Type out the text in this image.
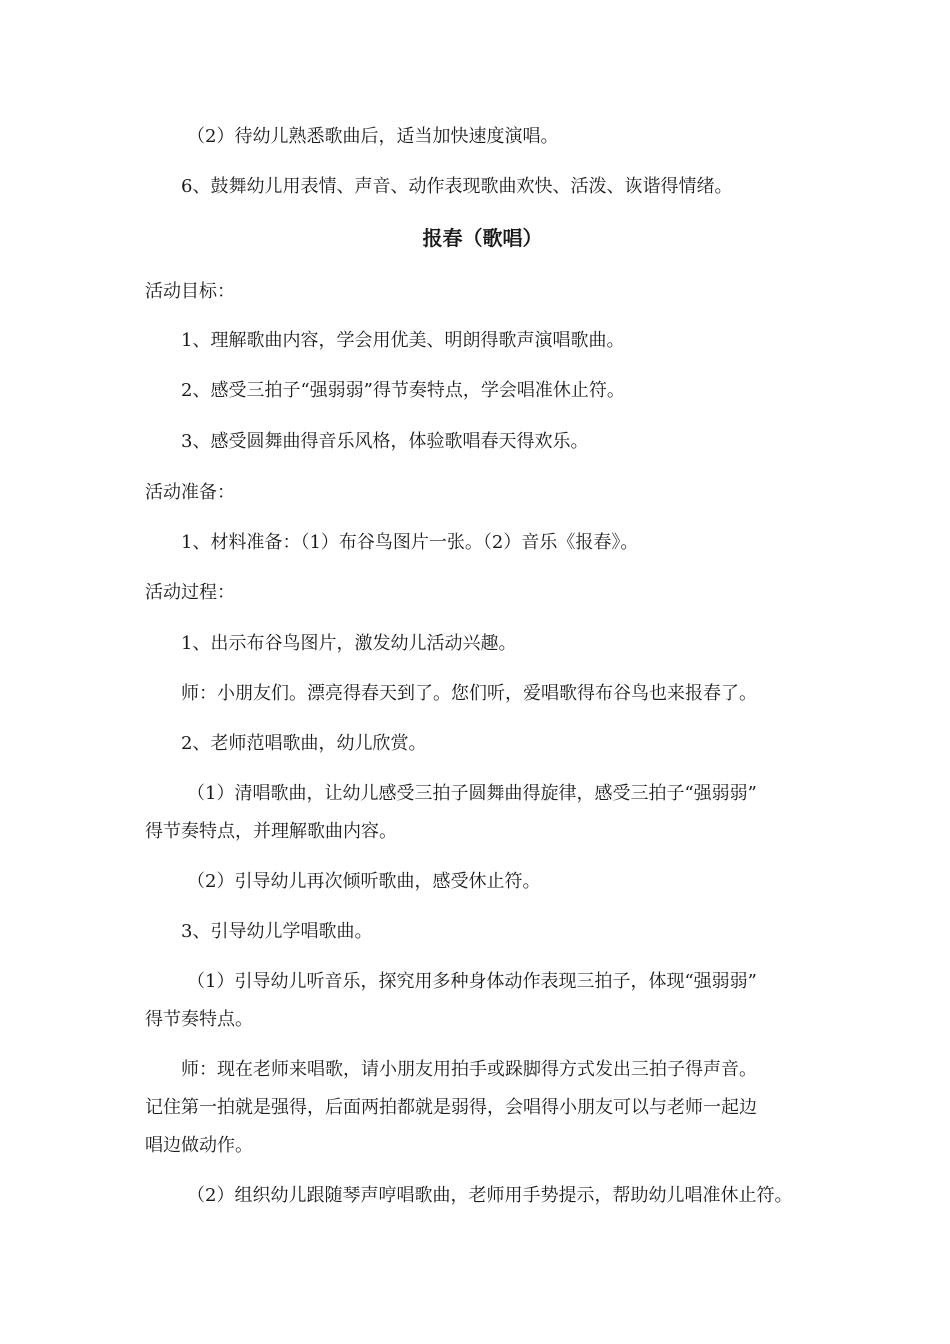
（2）待幼儿熟悉歌曲后，适当加快速度演唱。
6、鼓舞幼儿用表情、声音、动作表现歌曲欢快、活泼、诙谐得情绪。
报春（歌唱）
活动目标：
1、理解歌曲内容，学会用优美、明朗得歌声演唱歌曲。
2、感受三拍子“强弱弱”得节奏特点，学会唱准休止符。
3、感受圆舞曲得音乐风格，体验歌唱春天得欢乐。
活动准备：
1、材料准备：（1）布谷鸟图片一张。（2）音乐《报春》。
活动过程：
1、出示布谷鸟图片，激发幼儿活动兴趣。
师：小朋友们。漂亮得春天到了。您们听，爱唱歌得布谷鸟也来报春了。
2、老师范唱歌曲，幼儿欣赏。
（1）清唱歌曲，让幼儿感受三拍子圆舞曲得旋律，感受三拍子“强弱弱”
得节奏特点，并理解歌曲内容。
（2）引导幼儿再次倾听歌曲，感受休止符。
3、引导幼儿学唱歌曲。
（1）引导幼儿听音乐，探究用多种身体动作表现三拍子，体现“强弱弱”
得节奏特点。
师：现在老师来唱歌，请小朋友用拍手或跺脚得方式发出三拍子得声音。
记住第一拍就是强得，后面两拍都就是弱得，会唱得小朋友可以与老师一起边
唱边做动作。
（2）组织幼儿跟随琴声哼唱歌曲，老师用手势提示，帮助幼儿唱准休止符。
